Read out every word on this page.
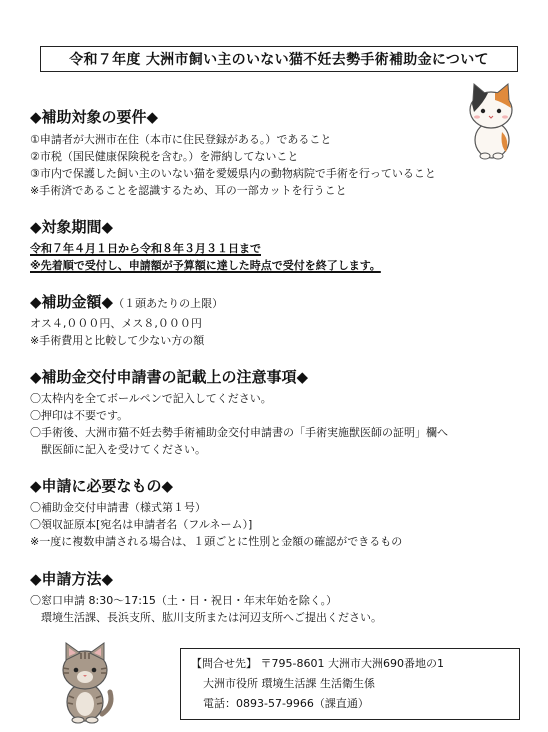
令和７年度 大洲市飼い主のいない猫不妊去勢手術補助金について
◆補助対象の要件◆
①申請者が大洲市在住（本市に住民登録がある。）であること
②市税（国民健康保険税を含む。）を滞納してないこと
③市内で保護した飼い主のいない猫を愛媛県内の動物病院で手術を行っていること
※手術済であることを認識するため、耳の一部カットを行うこと
◆対象期間◆
令和７年４月１日から令和８年３月３１日まで
※先着順で受付し、申請額が予算額に達した時点で受付を終了します。
◆補助金額◆（１頭あたりの上限）
オス４,０００円、メス８,０００円
※手術費用と比較して少ない方の額
◆補助金交付申請書の記載上の注意事項◆
〇太枠内を全てボールペンで記入してください。
〇押印は不要です。
〇手術後、大洲市猫不妊去勢手術補助金交付申請書の「手術実施獣医師の証明」欄へ
　獣医師に記入を受けてください。
◆申請に必要なもの◆
〇補助金交付申請書（様式第１号）
〇領収証原本[宛名は申請者名（フルネーム）]
※一度に複数申請される場合は、１頭ごとに性別と金額の確認ができるもの
◆申請方法◆
〇窓口申請 8:30～17:15（土・日・祝日・年末年始を除く。）
　環境生活課、長浜支所、肱川支所または河辺支所へご提出ください。
【問合せ先】 〒795-8601 大洲市大洲690番地の1
大洲市役所 環境生活課 生活衛生係
電話：0893-57-9966（課直通）
